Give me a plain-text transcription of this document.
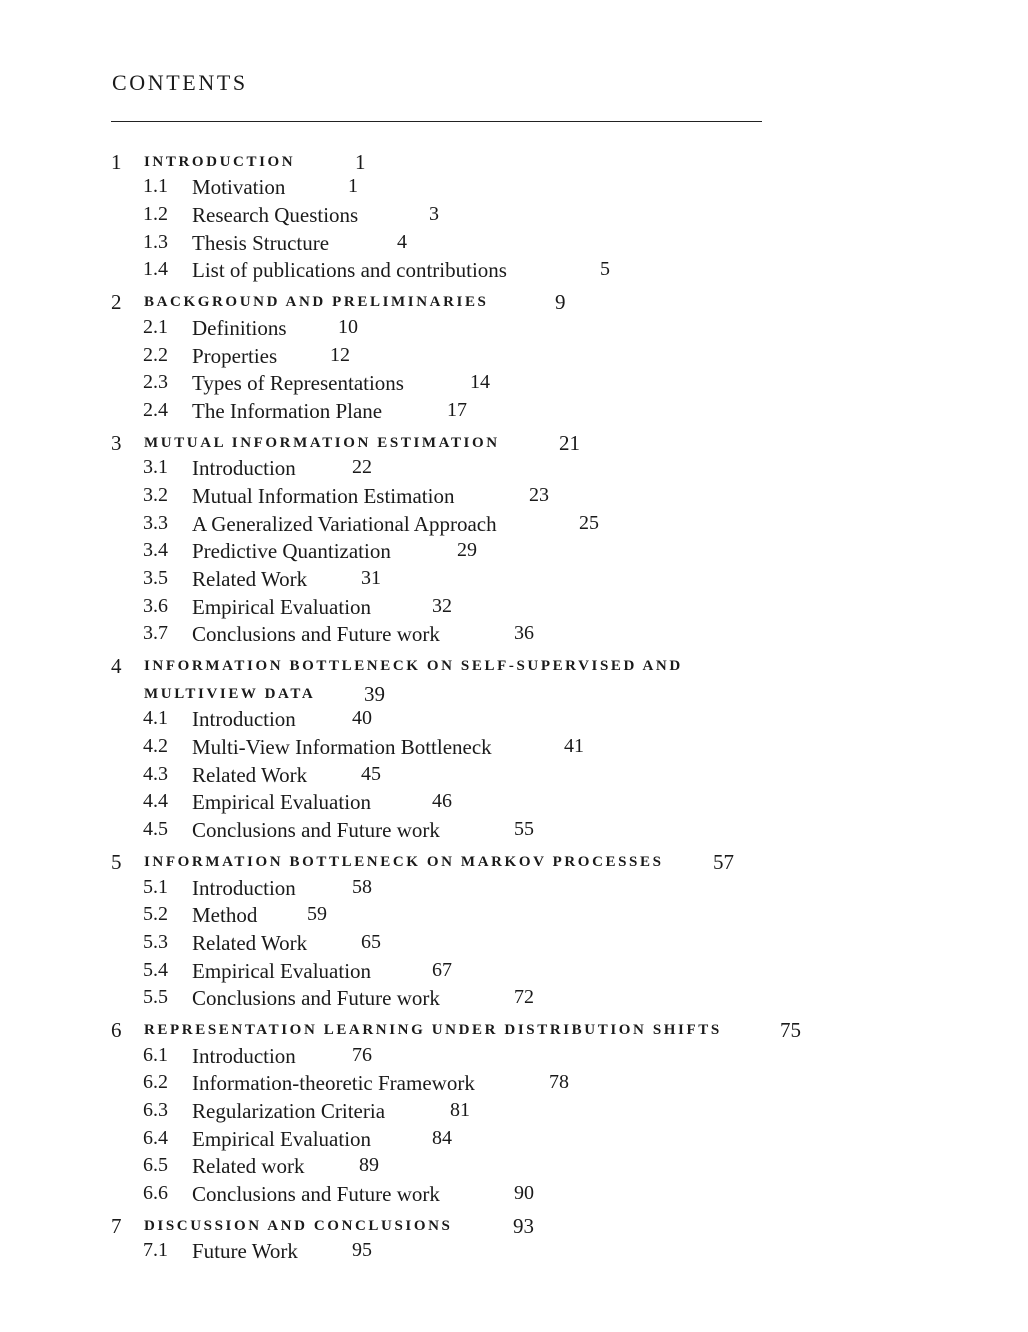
CONTENTS
1 INTRODUCTION	1
1.1 Motivation	1
1.2 Research Questions	3
1.3 Thesis Structure	4
1.4 List of publications and contributions	5
2 BACKGROUND AND PRELIMINARIES	9
2.1 Definitions	10
2.2 Properties	12
2.3 Types of Representations	14
2.4 The Information Plane	17
3 MUTUAL INFORMATION ESTIMATION	21
3.1 Introduction	22
3.2 Mutual Information Estimation	23
3.3 A Generalized Variational Approach	25
3.4 Predictive Quantization	29
3.5 Related Work	31
3.6 Empirical Evaluation	32
3.7 Conclusions and Future work	36
4 INFORMATION BOTTLENECK ON SELF-SUPERVISED AND
MULTIVIEW DATA 39
4.1 Introduction	40
4.2 Multi-View Information Bottleneck	41
4.3 Related Work	45
4.4 Empirical Evaluation	46
4.5 Conclusions and Future work	55
5 INFORMATION BOTTLENECK ON MARKOV PROCESSES 57
5.1 Introduction	58
5.2 Method 59
5.3 Related Work	65
5.4 Empirical Evaluation	67
5.5 Conclusions and Future work	72
6 REPRESENTATION LEARNING UNDER DISTRIBUTION SHIFTS	75
6.1 Introduction	76
6.2 Information-theoretic Framework	78
6.3 Regularization Criteria	81
6.4 Empirical Evaluation	84
6.5 Related work	89
6.6 Conclusions and Future work	90
7 DISCUSSION AND CONCLUSIONS	93
7.1 Future Work	95
